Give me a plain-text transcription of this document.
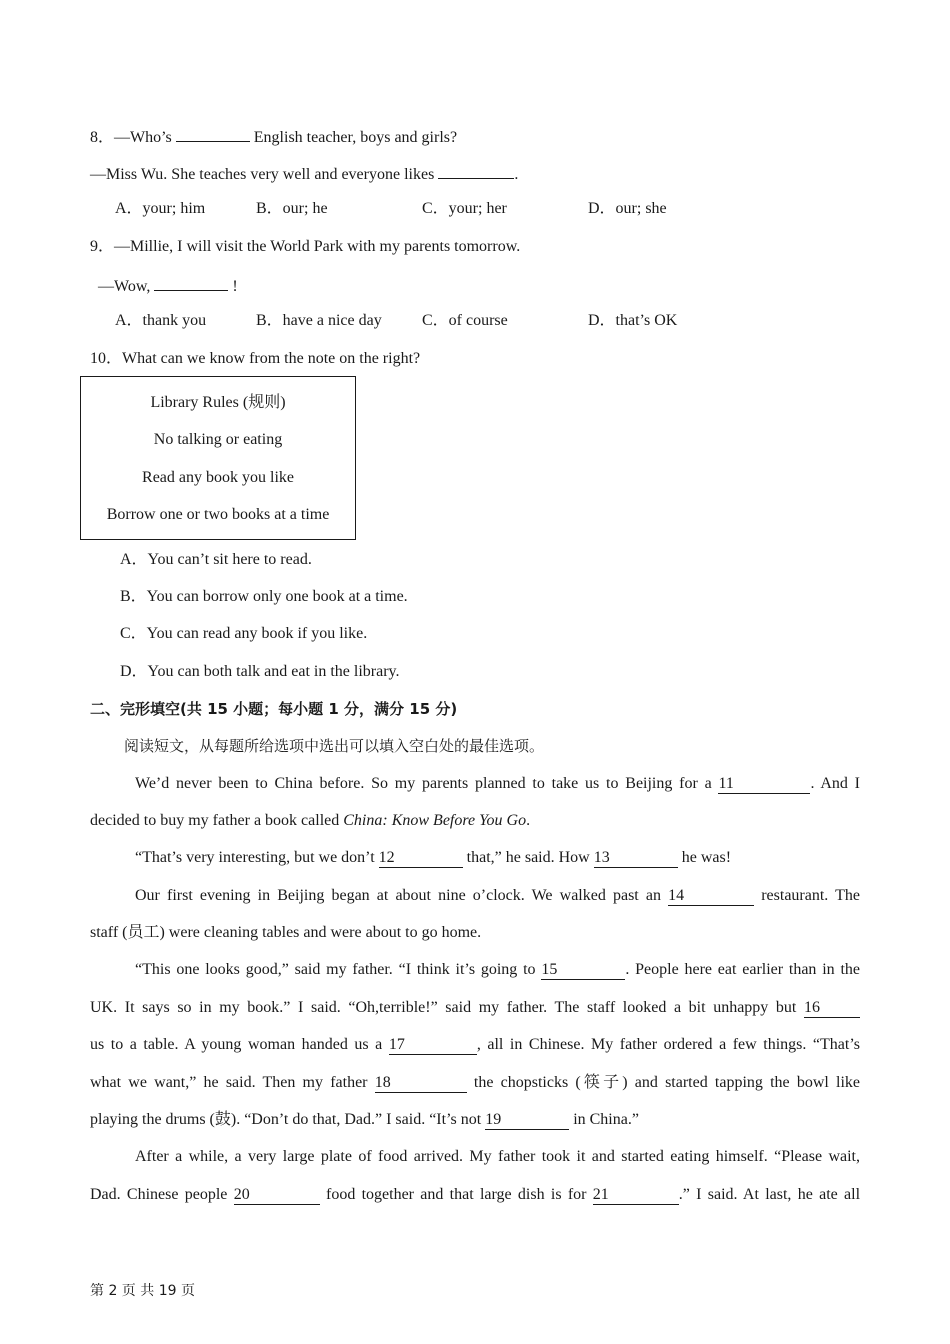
8．—Who’s	English teacher, boys and girls?
—Miss Wu. She teaches very well and everyone likes	.
A．your; him	B．our; he	C．your; her	D．our; she
9．—Millie, I will visit the World Park with my parents tomorrow.
—Wow,	!
A．thank you	B．have a nice day	C．of course	D．that’s OK
10．What can we know from the note on the right?
Library Rules (规则)
No talking or eating
Read any book you like
Borrow one or two books at a time
A．You can’t sit here to read.
B．You can borrow only one book at a time.
C．You can read any book if you like.
D．You can both talk and eat in the library.
二、完形填空(共 15 小题；每小题 1 分，满分 15 分)
阅读短文，从每题所给选项中选出可以填入空白处的最佳选项。
We’d never been to China before. So my parents planned to take us to Beijing for a 11	. And I
decided to buy my father a book called China: Know Before You Go.
“That’s very interesting, but we don’t 12	that,” he said. How 13	he was!
Our first evening in Beijing began at about nine o’clock. We walked past an 14	restaurant. The
staff (员工) were cleaning tables and were about to go home.
“This one looks good,” said my father. “I think it’s going to 15	. People here eat earlier than in the
UK. It says so in my book.” I said. “Oh,terrible!” said my father. The staff looked a bit unhappy but 16
us to a table. A young woman handed us a 17	, all in Chinese. My father ordered a few things. “That’s
what we want,” he said. Then my father 18	the chopsticks (筷子) and started tapping the bowl like
playing the drums (鼓). “Don’t do that, Dad.” I said. “It’s not 19	in China.”
After a while, a very large plate of food arrived. My father took it and started eating himself. “Please wait,
Dad. Chinese people 20	food together and that large dish is for 21	.” I said. At last, he ate all
第 2 页 共 19 页
